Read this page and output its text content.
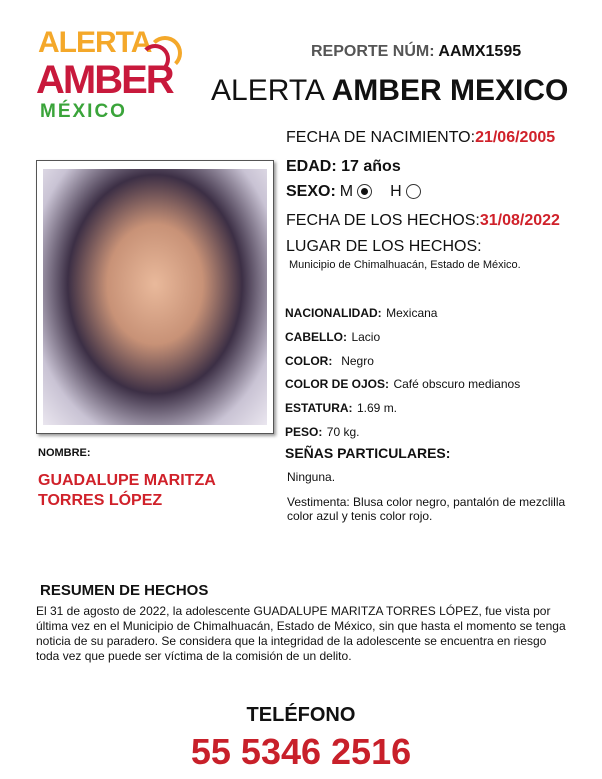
ALERTA
AMBER
MÉXICO
REPORTE NÚM: AAMX1595
ALERTA AMBER MEXICO
FECHA DE NACIMIENTO:21/06/2005
EDAD: 17 años
SEXO: M H
FECHA DE LOS HECHOS:31/08/2022
LUGAR DE LOS HECHOS:
Municipio de Chimalhuacán, Estado de México.
NACIONALIDAD: Mexicana
CABELLO: Lacio
COLOR: Negro
COLOR DE OJOS: Café obscuro medianos
ESTATURA: 1.69 m.
PESO: 70 kg.
SEÑAS PARTICULARES:
Ninguna.
Vestimenta: Blusa color negro, pantalón de mezclilla color azul y tenis color rojo.
NOMBRE:
GUADALUPE MARITZA
TORRES LÓPEZ
RESUMEN DE HECHOS
El 31 de agosto de 2022, la adolescente GUADALUPE MARITZA TORRES LÓPEZ, fue vista por última vez en el Municipio de Chimalhuacán, Estado de México, sin que hasta el momento se tenga noticia de su paradero. Se considera que la integridad de la adolescente se encuentra en riesgo toda vez que puede ser víctima de la comisión de un delito.
TELÉFONO
55 5346 2516
